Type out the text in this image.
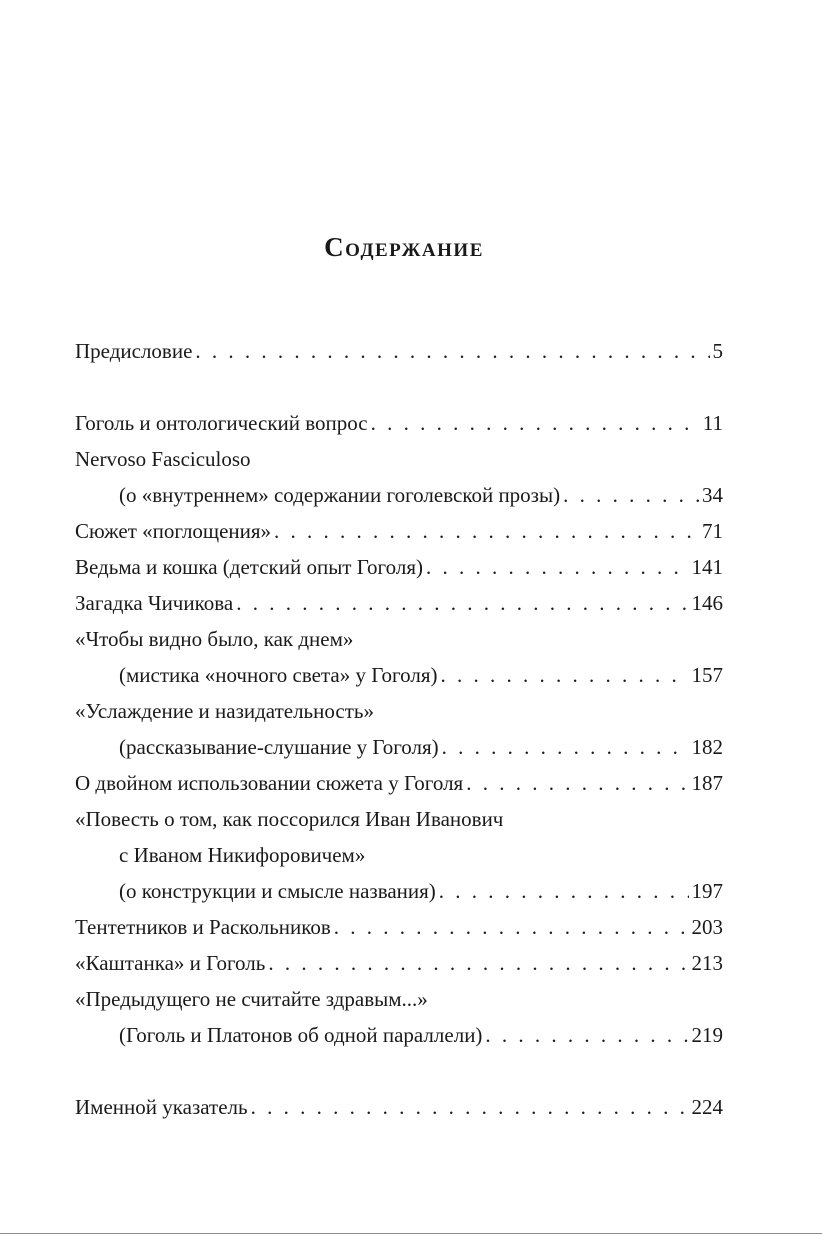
Содержание
Предисловие . . .	5
Гоголь и онтологический вопрос . . .	11
Nervoso Fasciculoso
(о «внутреннем» содержании гоголевской прозы) . . .	34
Сюжет «поглощения» . . .	71
Ведьма и кошка (детский опыт Гоголя) . . .	141
Загадка Чичикова . . .	146
«Чтобы видно было, как днем»
(мистика «ночного света» у Гоголя) . . .	157
«Услаждение и назидательность»
(рассказывание-слушание у Гоголя) . . .	182
О двойном использовании сюжета у Гоголя . . .	187
«Повесть о том, как поссорился Иван Иванович
с Иваном Никифоровичем»
(о конструкции и смысле названия) . . .	197
Тентетников и Раскольников . . .	203
«Каштанка» и Гоголь . . .	213
«Предыдущего не считайте здравым...»
(Гоголь и Платонов об одной параллели) . . .	219
Именной указатель . . .	224
